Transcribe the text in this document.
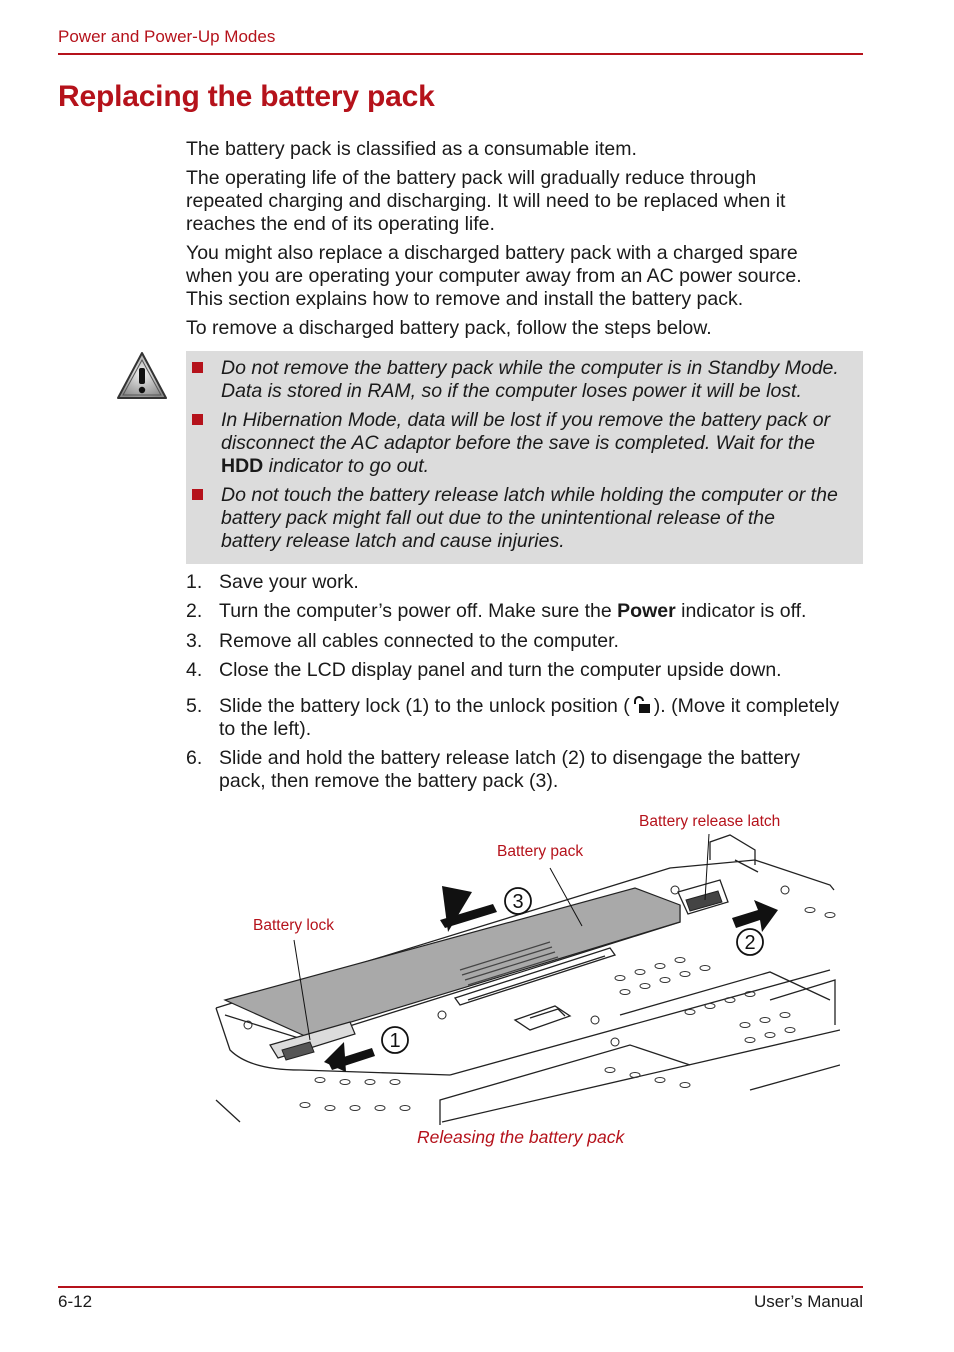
Power and Power-Up Modes
Replacing the battery pack
The battery pack is classified as a consumable item.
The operating life of the battery pack will gradually reduce through
repeated charging and discharging. It will need to be replaced when it
reaches the end of its operating life.
You might also replace a discharged battery pack with a charged spare
when you are operating your computer away from an AC power source.
This section explains how to remove and install the battery pack.
To remove a discharged battery pack, follow the steps below.
Do not remove the battery pack while the computer is in Standby Mode.
Data is stored in RAM, so if the computer loses power it will be lost.
In Hibernation Mode, data will be lost if you remove the battery pack or
disconnect the AC adaptor before the save is completed. Wait for the
HDD indicator to go out.
Do not touch the battery release latch while holding the computer or the
battery pack might fall out due to the unintentional release of the
battery release latch and cause injuries.
1. Save your work.
2. Turn the computer’s power off. Make sure the Power indicator is off.
3. Remove all cables connected to the computer.
4. Close the LCD display panel and turn the computer upside down.
5. Slide the battery lock (1) to the unlock position ( ). (Move it completely
to the left).
6. Slide and hold the battery release latch (2) to disengage the battery
pack, then remove the battery pack (3).
Battery release latch
Battery pack
Battery lock
1
2
3
Releasing the battery pack
6-12	User’s Manual
